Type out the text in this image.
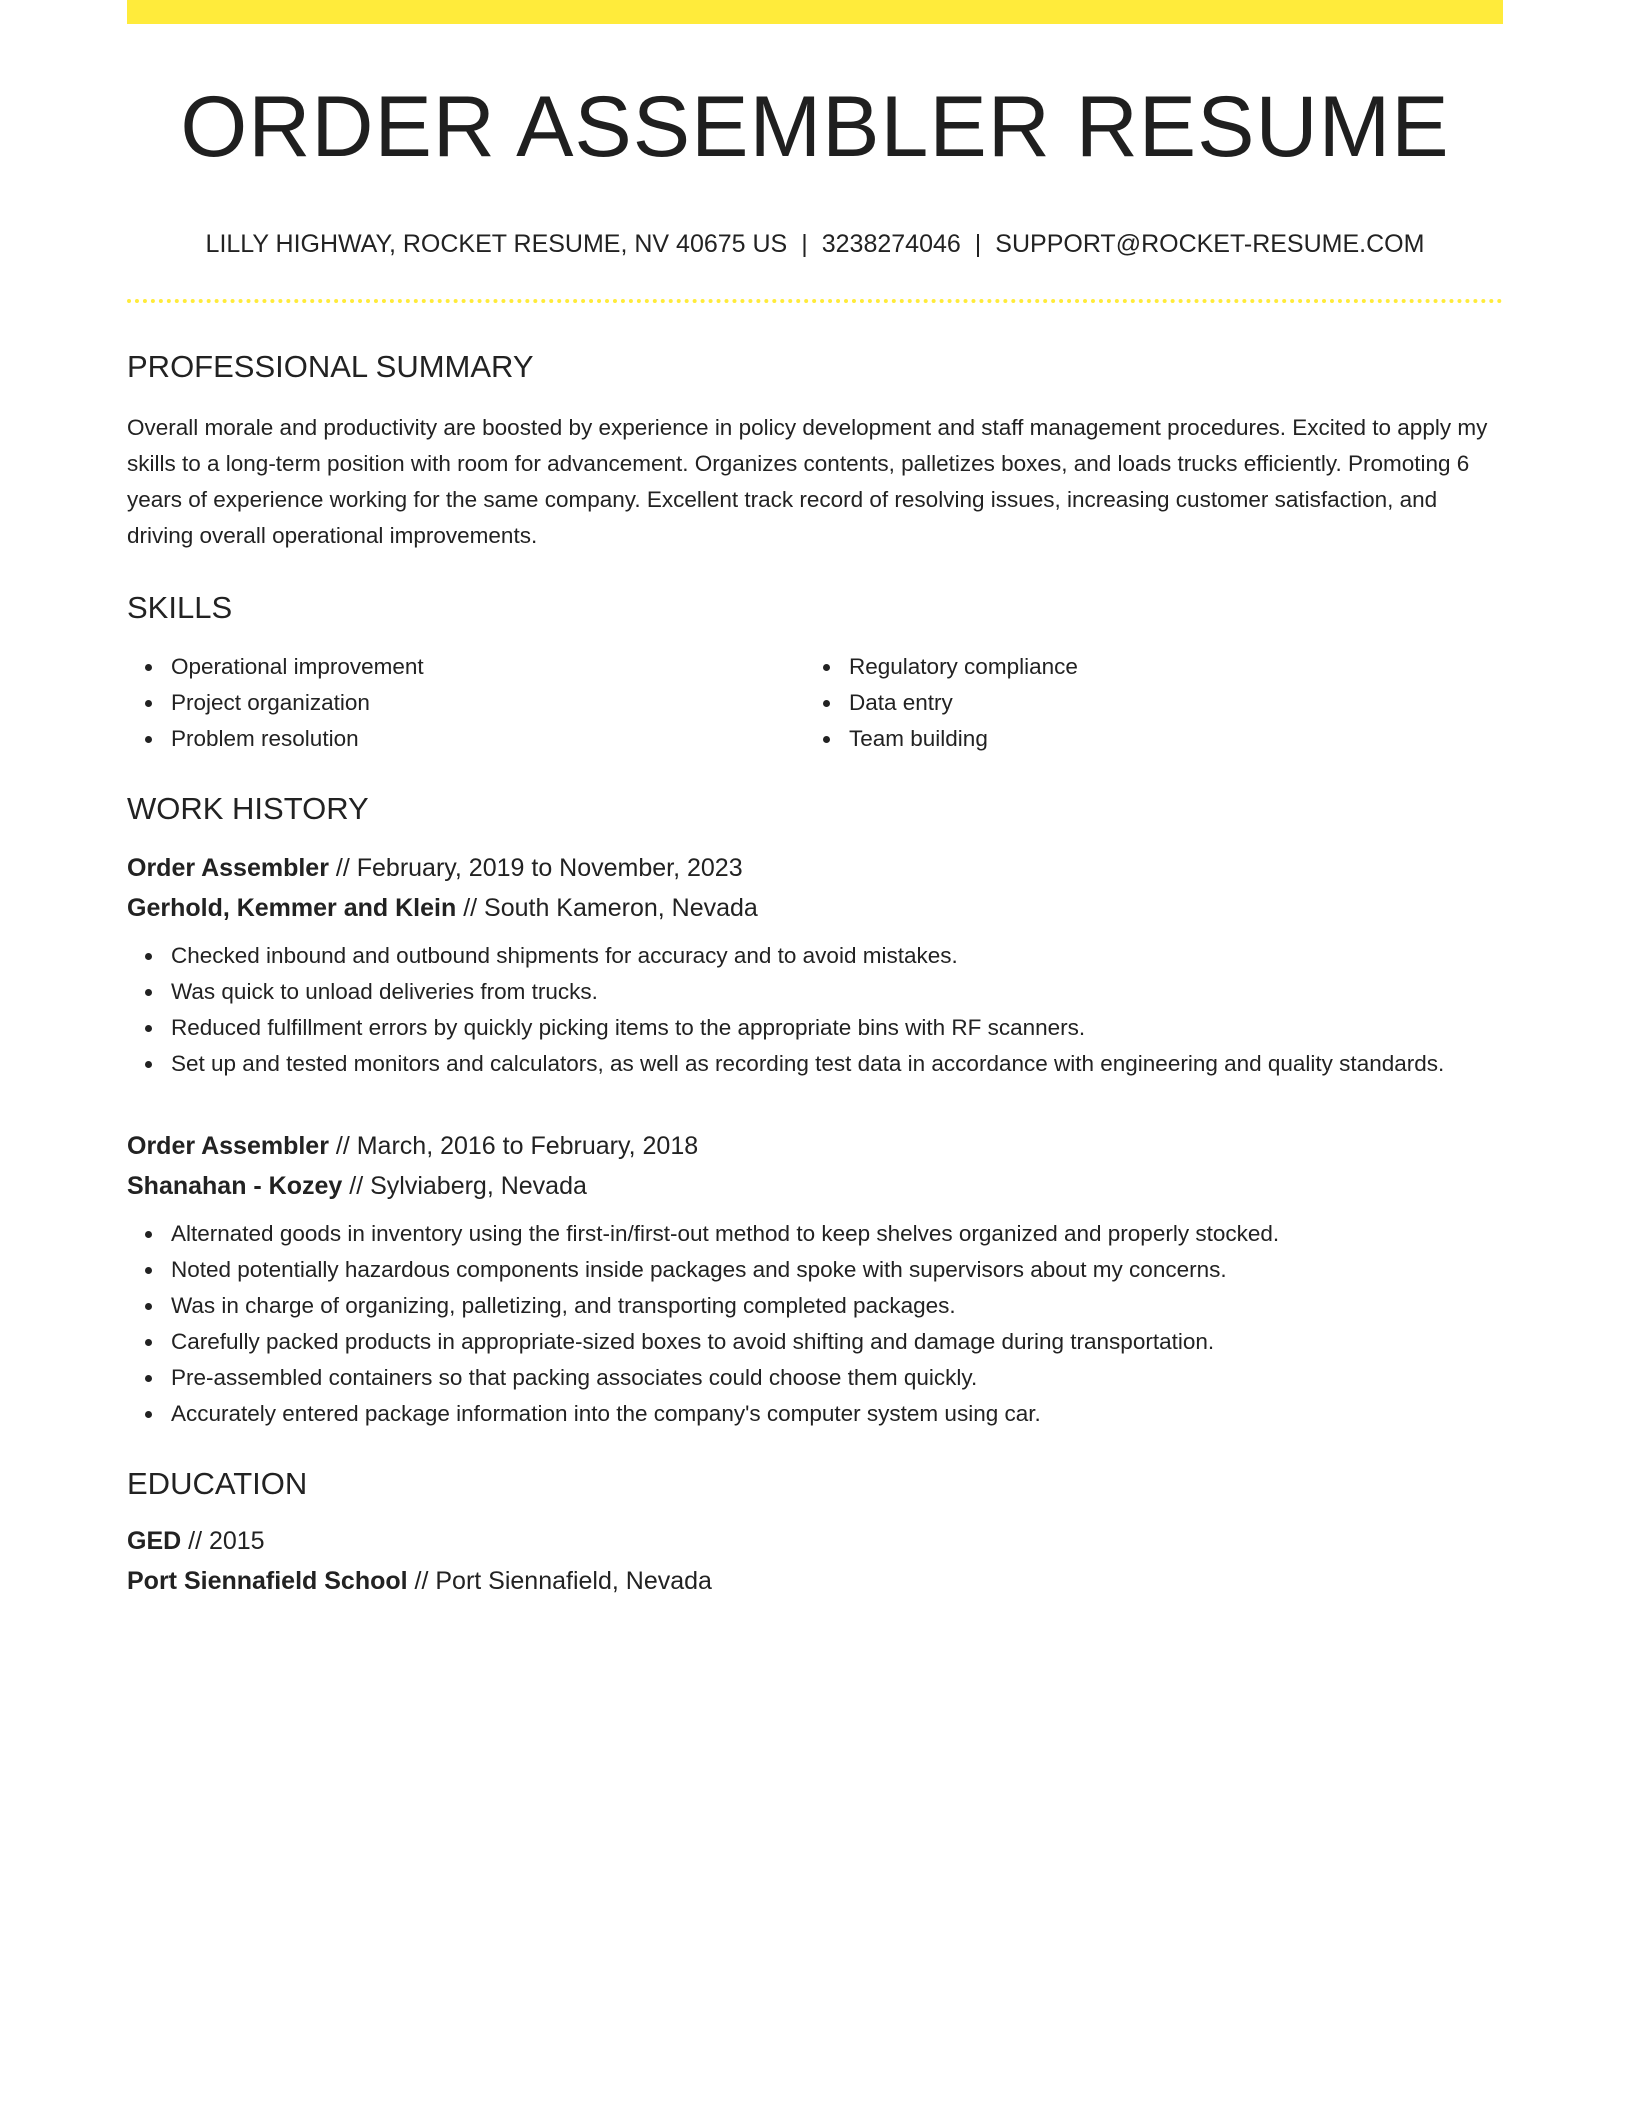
ORDER ASSEMBLER RESUME
LILLY HIGHWAY, ROCKET RESUME, NV 40675 US | 3238274046 | SUPPORT@ROCKET-RESUME.COM
PROFESSIONAL SUMMARY

Overall morale and productivity are boosted by experience in policy development and staff management procedures. Excited to apply my skills to a long-term position with room for advancement. Organizes contents, palletizes boxes, and loads trucks efficiently. Promoting 6 years of experience working for the same company. Excellent track record of resolving issues, increasing customer satisfaction, and driving overall operational improvements.

SKILLS
Operational improvement
Project organization
Problem resolution
Regulatory compliance
Data entry
Team building
WORK HISTORY
Order Assembler // February, 2019 to November, 2023
Gerhold, Kemmer and Klein // South Kameron, Nevada
Checked inbound and outbound shipments for accuracy and to avoid mistakes.
Was quick to unload deliveries from trucks.
Reduced fulfillment errors by quickly picking items to the appropriate bins with RF scanners.
Set up and tested monitors and calculators, as well as recording test data in accordance with engineering and quality standards.
Order Assembler // March, 2016 to February, 2018
Shanahan - Kozey // Sylviaberg, Nevada
Alternated goods in inventory using the first-in/first-out method to keep shelves organized and properly stocked.
Noted potentially hazardous components inside packages and spoke with supervisors about my concerns.
Was in charge of organizing, palletizing, and transporting completed packages.
Carefully packed products in appropriate-sized boxes to avoid shifting and damage during transportation.
Pre-assembled containers so that packing associates could choose them quickly.
Accurately entered package information into the company's computer system using car.
EDUCATION
GED // 2015
Port Siennafield School // Port Siennafield, Nevada
